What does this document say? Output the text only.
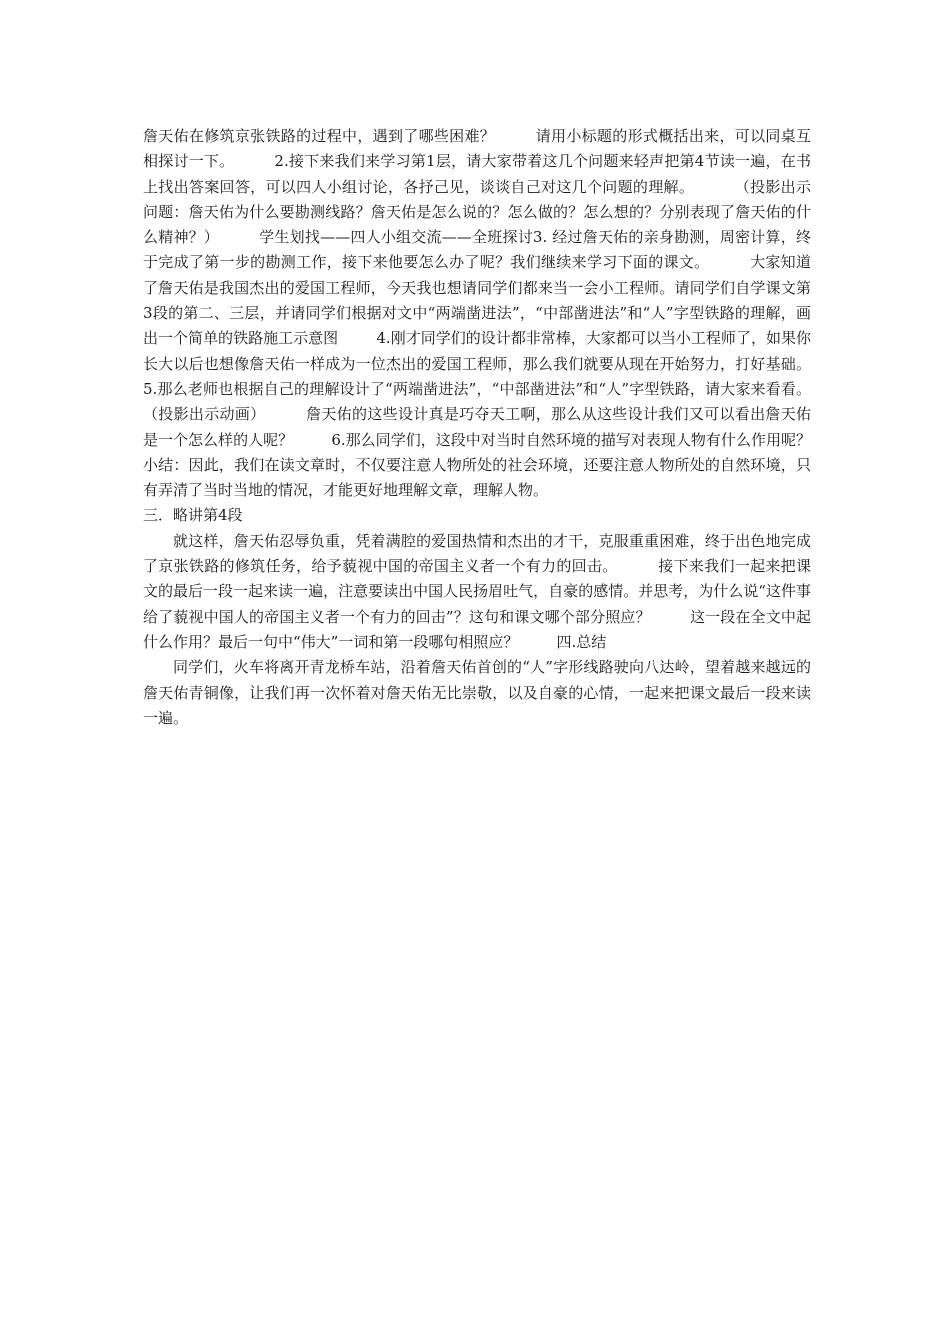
詹天佑在修筑京张铁路的过程中，遇到了哪些困难？        请用小标题的形式概括出来，可以同桌互相探讨一下。        2.接下来我们来学习第1层，请大家带着这几个问题来轻声把第4节读一遍，在书上找出答案回答，可以四人小组讨论，各抒己见，谈谈自己对这几个问题的理解。        （投影出示问题：詹天佑为什么要勘测线路？詹天佑是怎么说的？怎么做的？怎么想的？分别表现了詹天佑的什么精神？）        学生划找——四人小组交流——全班探讨3. 经过詹天佑的亲身勘测，周密计算，终于完成了第一步的勘测工作，接下来他要怎么办了呢？我们继续来学习下面的课文。        大家知道了詹天佑是我国杰出的爱国工程师，今天我也想请同学们都来当一会小工程师。请同学们自学课文第3段的第二、三层，并请同学们根据对文中“两端凿进法”，“中部凿进法”和“人”字型铁路的理解，画出一个简单的铁路施工示意图        4.刚才同学们的设计都非常棒，大家都可以当小工程师了，如果你长大以后也想像詹天佑一样成为一位杰出的爱国工程师，那么我们就要从现在开始努力，打好基础。5.那么老师也根据自己的理解设计了“两端凿进法”，“中部凿进法”和“人”字型铁路，请大家来看看。        （投影出示动画）        詹天佑的这些设计真是巧夺天工啊，那么从这些设计我们又可以看出詹天佑是一个怎么样的人呢？        6.那么同学们，这段中对当时自然环境的描写对表现人物有什么作用呢？        小结：因此，我们在读文章时，不仅要注意人物所处的社会环境，还要注意人物所处的自然环境，只有弄清了当时当地的情况，才能更好地理解文章，理解人物。

三．略讲第4段

就这样，詹天佑忍辱负重，凭着满腔的爱国热情和杰出的才干，克服重重困难，终于出色地完成了京张铁路的修筑任务，给予藐视中国的帝国主义者一个有力的回击。        接下来我们一起来把课文的最后一段一起来读一遍，注意要读出中国人民扬眉吐气，自豪的感情。并思考，为什么说“这件事给了藐视中国人的帝国主义者一个有力的回击”？这句和课文哪个部分照应？        这一段在全文中起什么作用？最后一句中“伟大”一词和第一段哪句相照应？        四.总结

同学们，火车将离开青龙桥车站，沿着詹天佑首创的“人”字形线路驶向八达岭，望着越来越远的詹天佑青铜像，让我们再一次怀着对詹天佑无比崇敬，以及自豪的心情，一起来把课文最后一段来读一遍。
